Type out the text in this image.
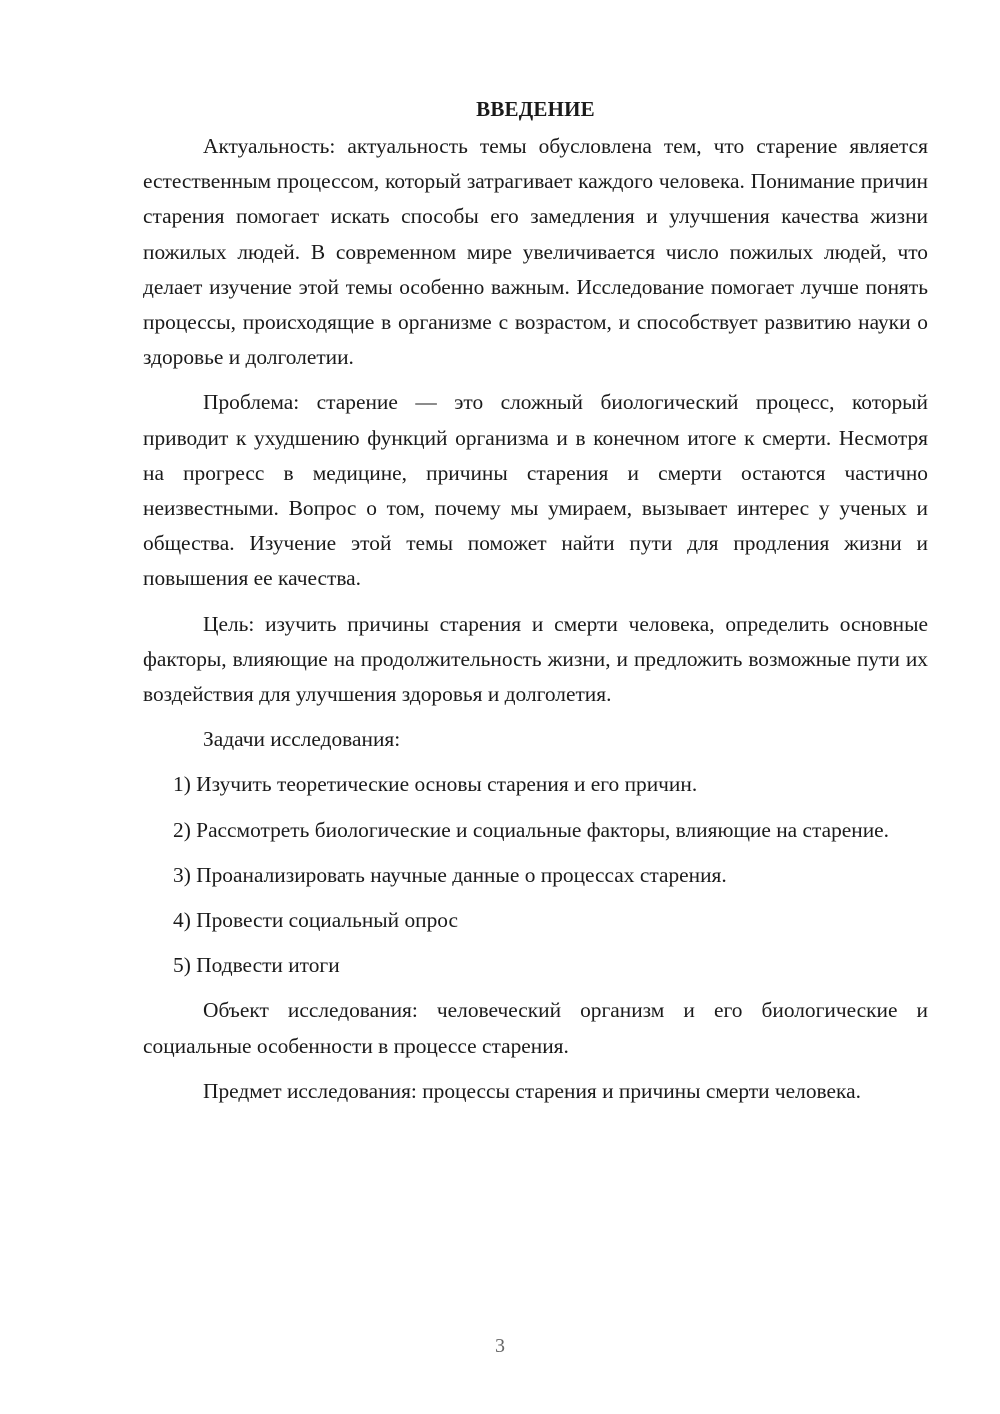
ВВЕДЕНИЕ

Актуальность: актуальность темы обусловлена тем, что старение является естественным процессом, который затрагивает каждого человека. Понимание причин старения помогает искать способы его замедления и улучшения качества жизни пожилых людей. В современном мире увеличивается число пожилых людей, что делает изучение этой темы особенно важным. Исследование помогает лучше понять процессы, происходящие в организме с возрастом, и способствует развитию науки о здоровье и долголетии.

Проблема: старение — это сложный биологический процесс, который приводит к ухудшению функций организма и в конечном итоге к смерти. Несмотря на прогресс в медицине, причины старения и смерти остаются частично неизвестными. Вопрос о том, почему мы умираем, вызывает интерес у ученых и общества. Изучение этой темы поможет найти пути для продления жизни и повышения ее качества.

Цель: изучить причины старения и смерти человека, определить основные факторы, влияющие на продолжительность жизни, и предложить возможные пути их воздействия для улучшения здоровья и долголетия.

Задачи исследования:

1) Изучить теоретические основы старения и его причин.

2) Рассмотреть биологические и социальные факторы, влияющие на старение.

3) Проанализировать научные данные о процессах старения.

4) Провести социальный опрос

5) Подвести итоги

Объект исследования: человеческий организм и его биологические и социальные особенности в процессе старения.

Предмет исследования: процессы старения и причины смерти человека.

3
